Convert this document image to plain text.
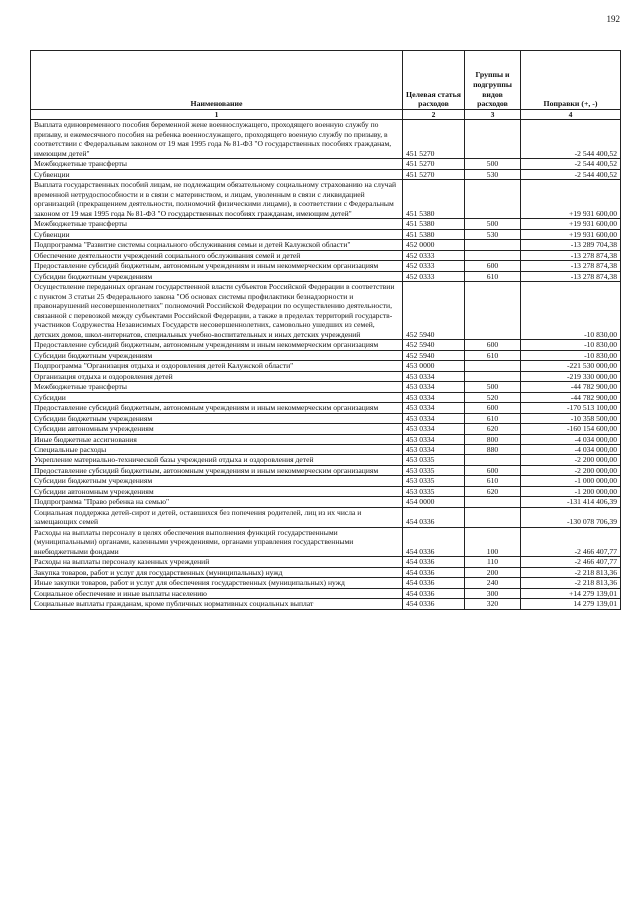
192
Наименование	Целевая статья расходов	Группы и подгруппы видов расходов	Поправки (+, -)
1	2	3	4
Выплата единовременного пособия беременной жене военнослужащего, проходящего военную службу по призыву, и ежемесячного пособия на ребенка военнослужащего, проходящего военную службу по призыву, в соответствии с Федеральным законом от 19 мая 1995 года № 81-ФЗ "О государственных пособиях гражданам, имеющим детей"	451 5270		-2 544 400,52
Межбюджетные трансферты	451 5270	500	-2 544 400,52
Субвенции	451 5270	530	-2 544 400,52
Выплата государственных пособий лицам, не подлежащим обязательному социальному страхованию на случай временной нетрудоспособности и в связи с материнством, и лицам, уволенным в связи с ликвидацией организаций (прекращением деятельности, полномочий физическими лицами), в соответствии с Федеральным законом от 19 мая 1995 года № 81-ФЗ "О государственных пособиях гражданам, имеющим детей"	451 5380		+19 931 600,00
Межбюджетные трансферты	451 5380	500	+19 931 600,00
Субвенции	451 5380	530	+19 931 600,00
Подпрограмма "Развитие системы социального обслуживания семьи и детей Калужской области"	452 0000		-13 289 704,38
Обеспечение деятельности учреждений социального обслуживания семей и детей	452 0333		-13 278 874,38
Предоставление субсидий бюджетным, автономным учреждениям и иным некоммерческим организациям	452 0333	600	-13 278 874,38
Субсидии бюджетным учреждениям	452 0333	610	-13 278 874,38
Осуществление переданных органам государственной власти субъектов Российской Федерации в соответствии с пунктом 3 статьи 25 Федерального закона "Об основах системы профилактики безнадзорности и правонарушений несовершеннолетних" полномочий Российской Федерации по осуществлению деятельности, связанной с перевозкой между субъектами Российской Федерации, а также в пределах территорий государств-участников Содружества Независимых Государств несовершеннолетних, самовольно ушедших из семей, детских домов, школ-интернатов, специальных учебно-воспитательных и иных детских учреждений	452 5940		-10 830,00
Предоставление субсидий бюджетным, автономным учреждениям и иным некоммерческим организациям	452 5940	600	-10 830,00
Субсидии бюджетным учреждениям	452 5940	610	-10 830,00
Подпрограмма "Организация отдыха и оздоровления детей Калужской области"	453 0000		-221 530 000,00
Организация отдыха и оздоровления детей	453 0334		-219 330 000,00
Межбюджетные трансферты	453 0334	500	-44 782 900,00
Субсидии	453 0334	520	-44 782 900,00
Предоставление субсидий бюджетным, автономным учреждениям и иным некоммерческим организациям	453 0334	600	-170 513 100,00
Субсидии бюджетным учреждениям	453 0334	610	-10 358 500,00
Субсидии автономным учреждениям	453 0334	620	-160 154 600,00
Иные бюджетные ассигнования	453 0334	800	-4 034 000,00
Специальные расходы	453 0334	880	-4 034 000,00
Укрепление материально-технической базы учреждений отдыха и оздоровления детей	453 0335		-2 200 000,00
Предоставление субсидий бюджетным, автономным учреждениям и иным некоммерческим организациям	453 0335	600	-2 200 000,00
Субсидии бюджетным учреждениям	453 0335	610	-1 000 000,00
Субсидии автономным учреждениям	453 0335	620	-1 200 000,00
Подпрограмма "Право ребенка на семью"	454 0000		-131 414 406,39
Социальная поддержка детей-сирот и детей, оставшихся без попечения родителей, лиц из их числа и замещающих семей	454 0336		-130 078 706,39
Расходы на выплаты персоналу в целях обеспечения выполнения функций государственными (муниципальными) органами, казенными учреждениями, органами управления государственными внебюджетными фондами	454 0336	100	-2 466 407,77
Расходы на выплаты персоналу казенных учреждений	454 0336	110	-2 466 407,77
Закупка товаров, работ и услуг для государственных (муниципальных) нужд	454 0336	200	-2 218 813,36
Иные закупки товаров, работ и услуг для обеспечения государственных (муниципальных) нужд	454 0336	240	-2 218 813,36
Социальное обеспечение и иные выплаты населению	454 0336	300	+14 279 139,01
Социальные выплаты гражданам, кроме публичных нормативных социальных выплат	454 0336	320	14 279 139,01
